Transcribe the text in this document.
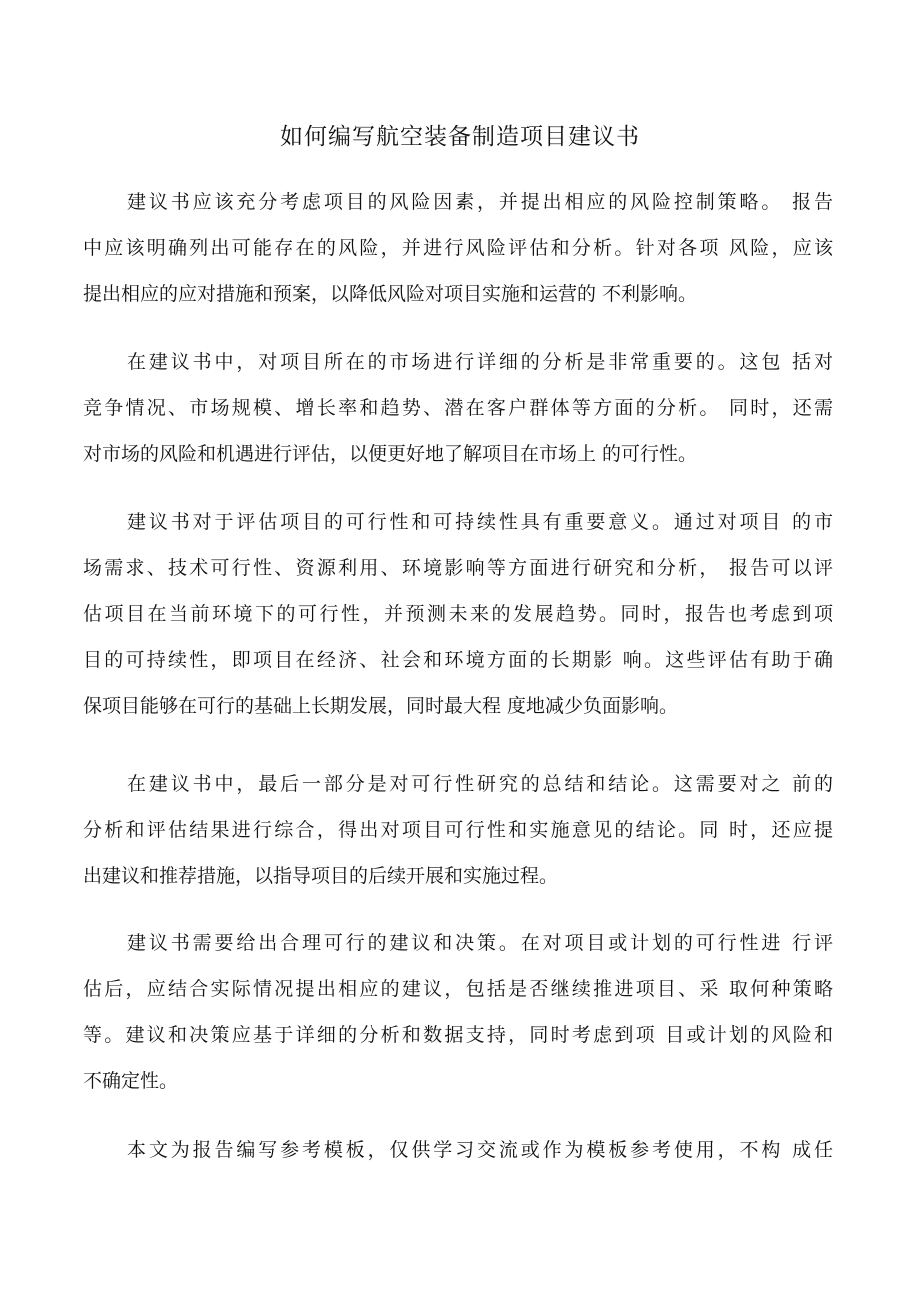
如何编写航空装备制造项目建议书
建议书应该充分考虑项目的风险因素，并提出相应的风险控制策略。 报告
中应该明确列出可能存在的风险，并进行风险评估和分析。针对各项 风险，应该
提出相应的应对措施和预案，以降低风险对项目实施和运营的 不利影响。
在建议书中，对项目所在的市场进行详细的分析是非常重要的。这包 括对
竞争情况、市场规模、增长率和趋势、潜在客户群体等方面的分析。 同时，还需
对市场的风险和机遇进行评估，以便更好地了解项目在市场上 的可行性。
建议书对于评估项目的可行性和可持续性具有重要意义。通过对项目 的市
场需求、技术可行性、资源利用、环境影响等方面进行研究和分析， 报告可以评
估项目在当前环境下的可行性，并预测未来的发展趋势。同时，报告也考虑到项
目的可持续性，即项目在经济、社会和环境方面的长期影 响。这些评估有助于确
保项目能够在可行的基础上长期发展，同时最大程 度地减少负面影响。
在建议书中，最后一部分是对可行性研究的总结和结论。这需要对之 前的
分析和评估结果进行综合，得出对项目可行性和实施意见的结论。同 时，还应提
出建议和推荐措施，以指导项目的后续开展和实施过程。
建议书需要给出合理可行的建议和决策。在对项目或计划的可行性进 行评
估后，应结合实际情况提出相应的建议，包括是否继续推进项目、采 取何种策略
等。建议和决策应基于详细的分析和数据支持，同时考虑到项 目或计划的风险和
不确定性。
本文为报告编写参考模板，仅供学习交流或作为模板参考使用，不构 成任
